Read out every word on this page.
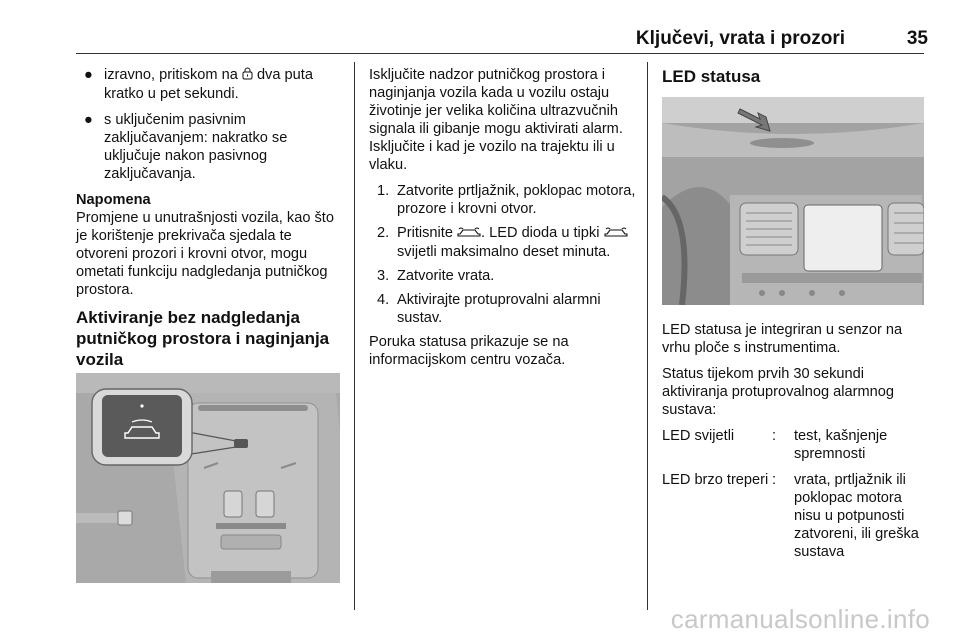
Ključevi, vrata i prozori	35
● izravno, pritiskom na  dva puta kratko u pet sekundi.
● s uključenim pasivnim zaključavanjem: nakratko se uključuje nakon pasivnog zaključavanja.
Napomena

Promjene u unutrašnjosti vozila, kao što je korištenje prekrivača sjedala te otvoreni prozori i krovni otvor, mogu ometati funkciju nadgledanja putničkog prostora.

Aktiviranje bez nadgledanja putničkog prostora i naginjanja vozila

Isključite nadzor putničkog prostora i naginjanja vozila kada u vozilu ostaju životinje jer velika količina ultrazvučnih signala ili gibanje mogu aktivirati alarm. Isključite i kad je vozilo na trajektu ili u vlaku.

1. Zatvorite prtljažnik, poklopac motora, prozore i krovni otvor.
2. Pritisnite . LED dioda u tipki  svijetli maksimalno deset minuta.
3. Zatvorite vrata.
4. Aktivirajte protuprovalni alarmni sustav.

Poruka statusa prikazuje se na informacijskom centru vozača.

LED statusa

LED statusa je integriran u senzor na vrhu ploče s instrumentima.

Status tijekom prvih 30 sekundi aktiviranja protuprovalnog alarmnog sustava:

LED svijetli	:	test, kašnjenje spremnosti
LED brzo treperi :	vrata, prtljažnik ili poklopac motora nisu u potpunosti zatvoreni, ili greška sustava
carmanualsonline.info
